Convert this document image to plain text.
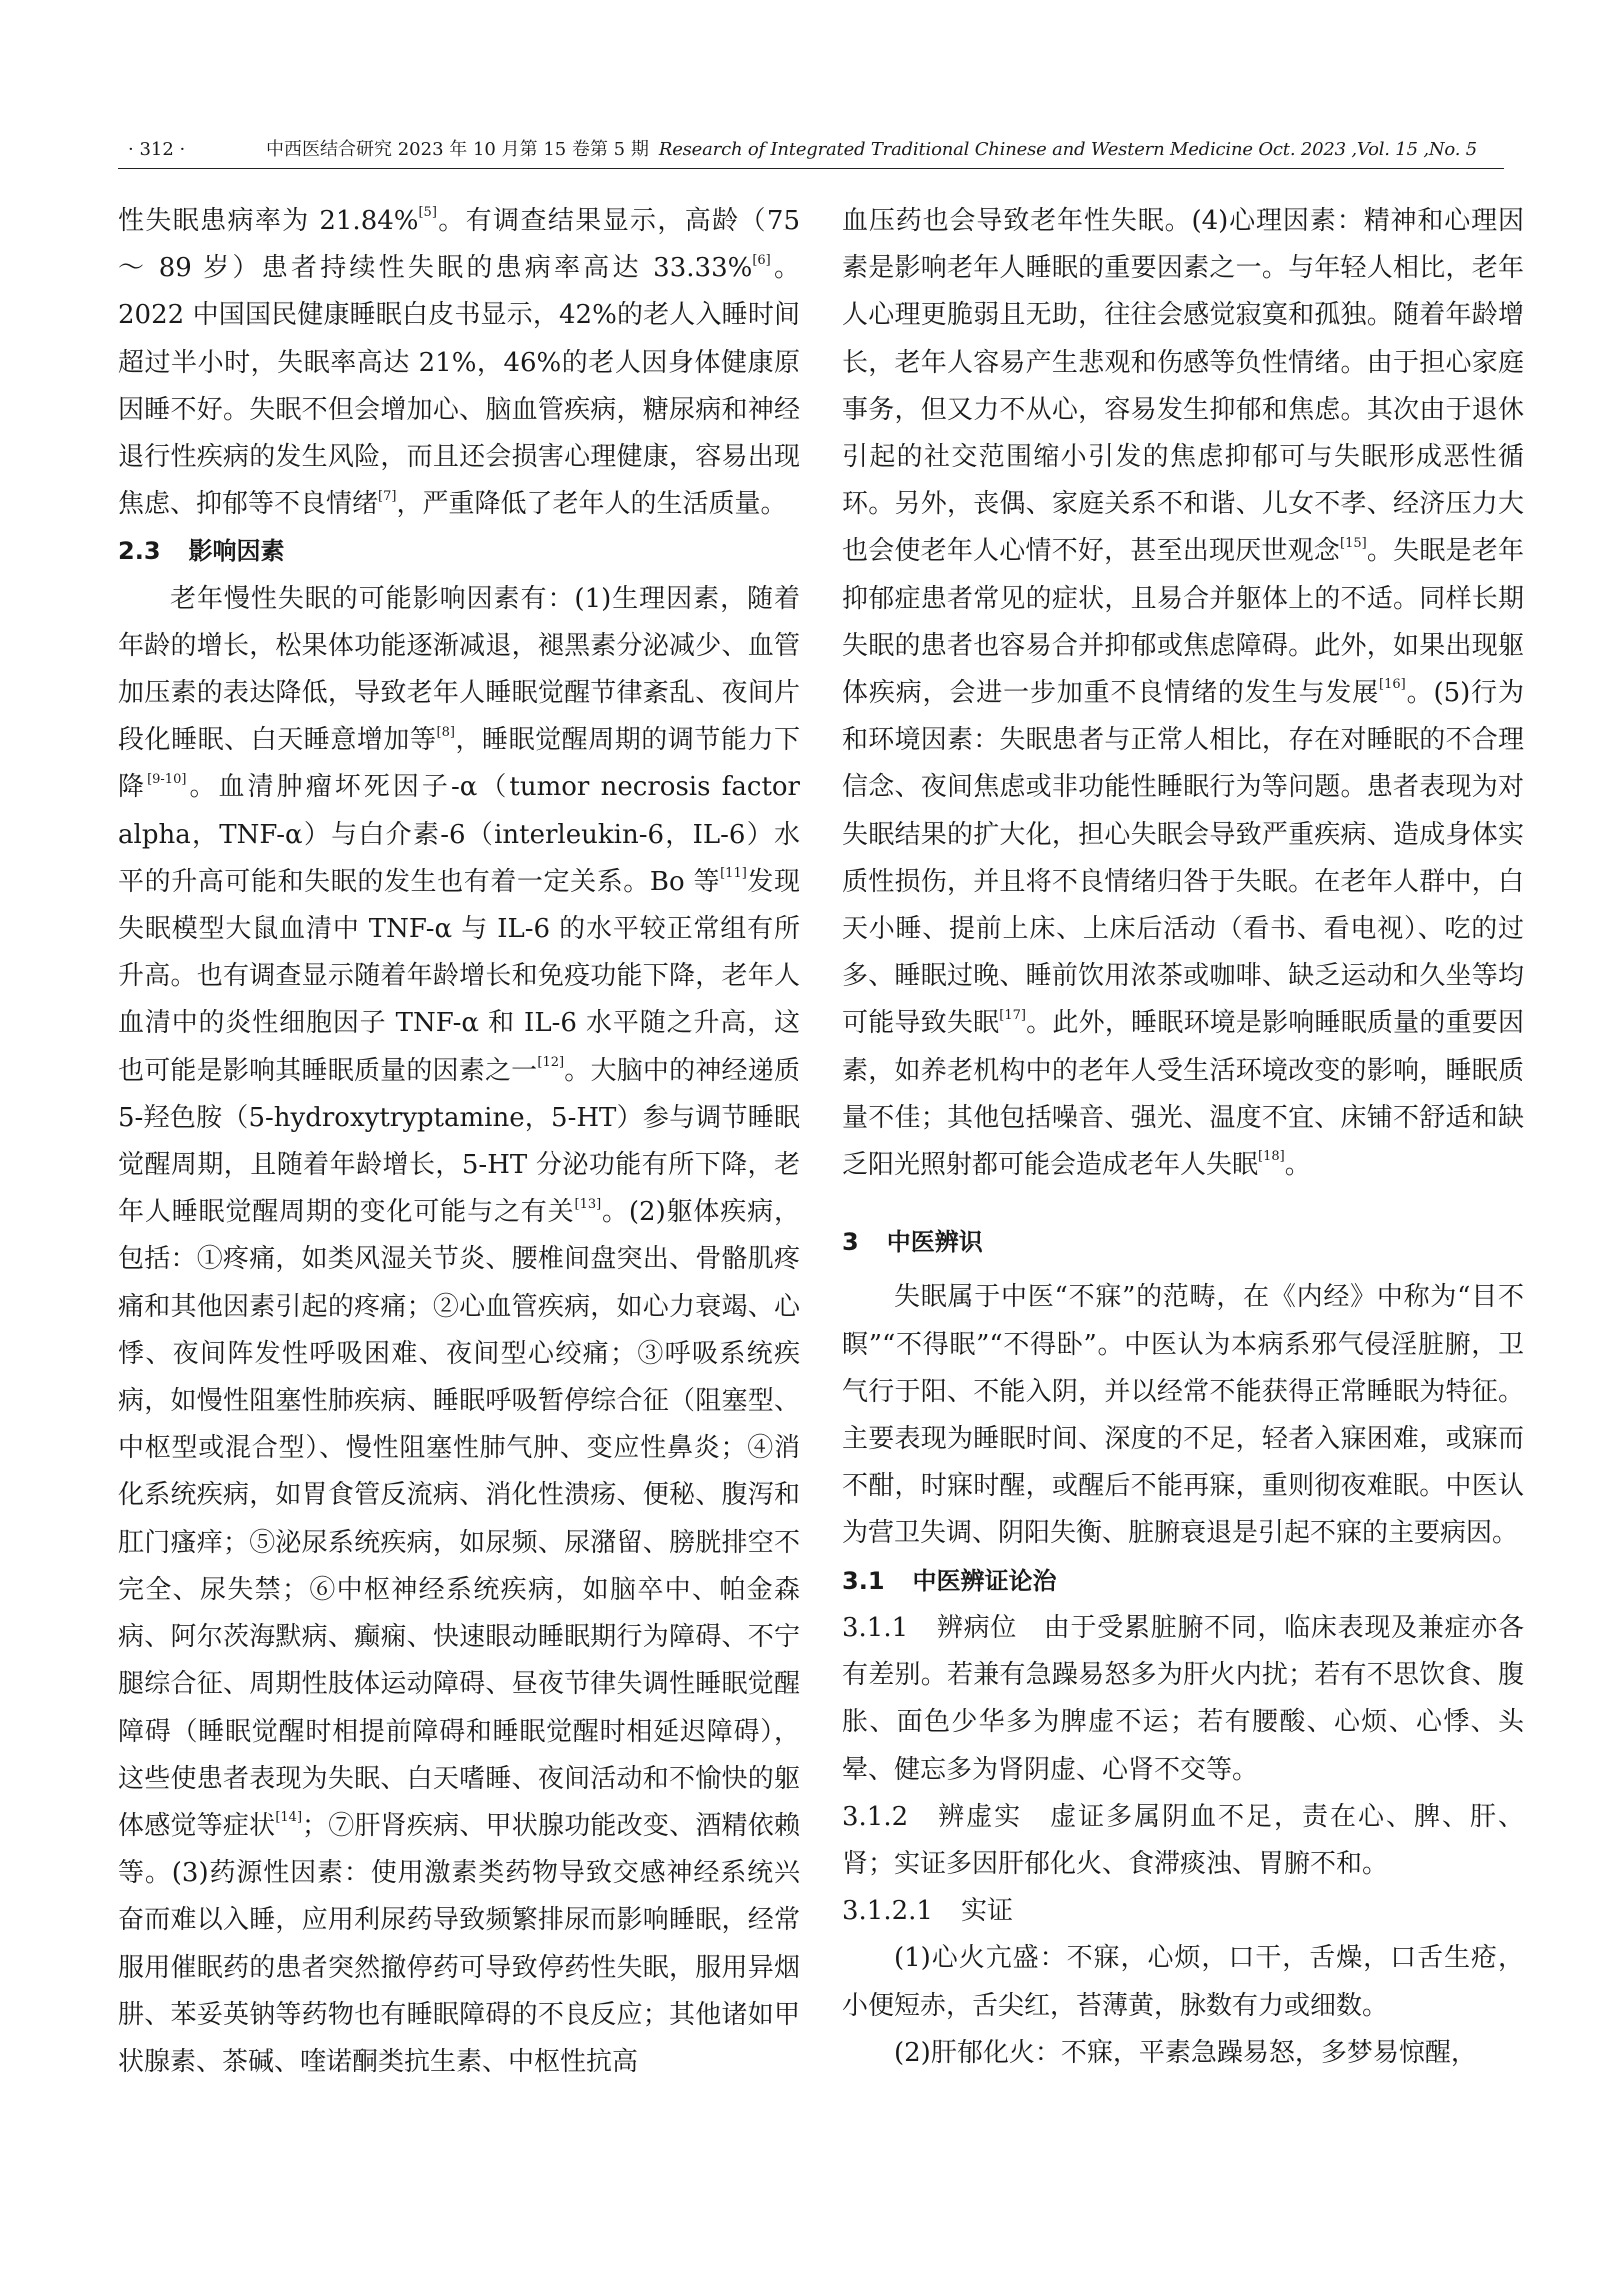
· 312 ·	中西医结合研究 2023 年 10 月第 15 卷第 5 期 Research of Integrated Traditional Chinese and Western Medicine Oct. 2023 ,Vol. 15 ,No. 5

性失眠患病率为 21.84%[5]。有调查结果显示，高龄（75 ～ 89 岁）患者持续性失眠的患病率高达 33.33%[6]。2022 中国国民健康睡眠白皮书显示，42%的老人入睡时间超过半小时，失眠率高达 21%，46%的老人因身体健康原因睡不好。失眠不但会增加心、脑血管疾病，糖尿病和神经退行性疾病的发生风险，而且还会损害心理健康，容易出现焦虑、抑郁等不良情绪[7]，严重降低了老年人的生活质量。

2.3 影响因素

老年慢性失眠的可能影响因素有：(1)生理因素，随着年龄的增长，松果体功能逐渐减退，褪黑素分泌减少、血管加压素的表达降低，导致老年人睡眠觉醒节律紊乱、夜间片段化睡眠、白天睡意增加等[8]，睡眠觉醒周期的调节能力下降[9-10]。血清肿瘤坏死因子-α（tumor necrosis factor alpha，TNF-α）与白介素-6（interleukin-6，IL-6）水平的升高可能和失眠的发生也有着一定关系。Bo 等[11]发现失眠模型大鼠血清中 TNF-α 与 IL-6 的水平较正常组有所升高。也有调查显示随着年龄增长和免疫功能下降，老年人血清中的炎性细胞因子 TNF-α 和 IL-6 水平随之升高，这也可能是影响其睡眠质量的因素之一[12]。大脑中的神经递质 5-羟色胺（5-hydroxytryptamine，5-HT）参与调节睡眠觉醒周期，且随着年龄增长，5-HT 分泌功能有所下降，老年人睡眠觉醒周期的变化可能与之有关[13]。(2)躯体疾病，包括：①疼痛，如类风湿关节炎、腰椎间盘突出、骨骼肌疼痛和其他因素引起的疼痛；②心血管疾病，如心力衰竭、心悸、夜间阵发性呼吸困难、夜间型心绞痛；③呼吸系统疾病，如慢性阻塞性肺疾病、睡眠呼吸暂停综合征（阻塞型、中枢型或混合型）、慢性阻塞性肺气肿、变应性鼻炎；④消化系统疾病，如胃食管反流病、消化性溃疡、便秘、腹泻和肛门瘙痒；⑤泌尿系统疾病，如尿频、尿潴留、膀胱排空不完全、尿失禁；⑥中枢神经系统疾病，如脑卒中、帕金森病、阿尔茨海默病、癫痫、快速眼动睡眠期行为障碍、不宁腿综合征、周期性肢体运动障碍、昼夜节律失调性睡眠觉醒障碍（睡眠觉醒时相提前障碍和睡眠觉醒时相延迟障碍），这些使患者表现为失眠、白天嗜睡、夜间活动和不愉快的躯体感觉等症状[14]；⑦肝肾疾病、甲状腺功能改变、酒精依赖等。(3)药源性因素：使用激素类药物导致交感神经系统兴奋而难以入睡，应用利尿药导致频繁排尿而影响睡眠，经常服用催眠药的患者突然撤停药可导致停药性失眠，服用异烟肼、苯妥英钠等药物也有睡眠障碍的不良反应；其他诸如甲状腺素、茶碱、喹诺酮类抗生素、中枢性抗高

血压药也会导致老年性失眠。(4)心理因素：精神和心理因素是影响老年人睡眠的重要因素之一。与年轻人相比，老年人心理更脆弱且无助，往往会感觉寂寞和孤独。随着年龄增长，老年人容易产生悲观和伤感等负性情绪。由于担心家庭事务，但又力不从心，容易发生抑郁和焦虑。其次由于退休引起的社交范围缩小引发的焦虑抑郁可与失眠形成恶性循环。另外，丧偶、家庭关系不和谐、儿女不孝、经济压力大也会使老年人心情不好，甚至出现厌世观念[15]。失眠是老年抑郁症患者常见的症状，且易合并躯体上的不适。同样长期失眠的患者也容易合并抑郁或焦虑障碍。此外，如果出现躯体疾病，会进一步加重不良情绪的发生与发展[16]。(5)行为和环境因素：失眠患者与正常人相比，存在对睡眠的不合理信念、夜间焦虑或非功能性睡眠行为等问题。患者表现为对失眠结果的扩大化，担心失眠会导致严重疾病、造成身体实质性损伤，并且将不良情绪归咎于失眠。在老年人群中，白天小睡、提前上床、上床后活动（看书、看电视）、吃的过多、睡眠过晚、睡前饮用浓茶或咖啡、缺乏运动和久坐等均可能导致失眠[17]。此外，睡眠环境是影响睡眠质量的重要因素，如养老机构中的老年人受生活环境改变的影响，睡眠质量不佳；其他包括噪音、强光、温度不宜、床铺不舒适和缺乏阳光照射都可能会造成老年人失眠[18]。

3 中医辨识

失眠属于中医“不寐”的范畴，在《内经》中称为“目不瞑”“不得眠”“不得卧”。中医认为本病系邪气侵淫脏腑，卫气行于阳、不能入阴，并以经常不能获得正常睡眠为特征。主要表现为睡眠时间、深度的不足，轻者入寐困难，或寐而不酣，时寐时醒，或醒后不能再寐，重则彻夜难眠。中医认为营卫失调、阴阳失衡、脏腑衰退是引起不寐的主要病因。

3.1 中医辨证论治

3.1.1 辨病位　 由于受累脏腑不同，临床表现及兼症亦各有差别。若兼有急躁易怒多为肝火内扰；若有不思饮食、腹胀、面色少华多为脾虚不运；若有腰酸、心烦、心悸、头晕、健忘多为肾阴虚、心肾不交等。

3.1.2 辨虚实　 虚证多属阴血不足，责在心、脾、肝、肾；实证多因肝郁化火、食滞痰浊、胃腑不和。

3.1.2.1 实证

(1)心火亢盛：不寐，心烦，口干，舌燥，口舌生疮，小便短赤，舌尖红，苔薄黄，脉数有力或细数。

(2)肝郁化火：不寐，平素急躁易怒，多梦易惊醒，
